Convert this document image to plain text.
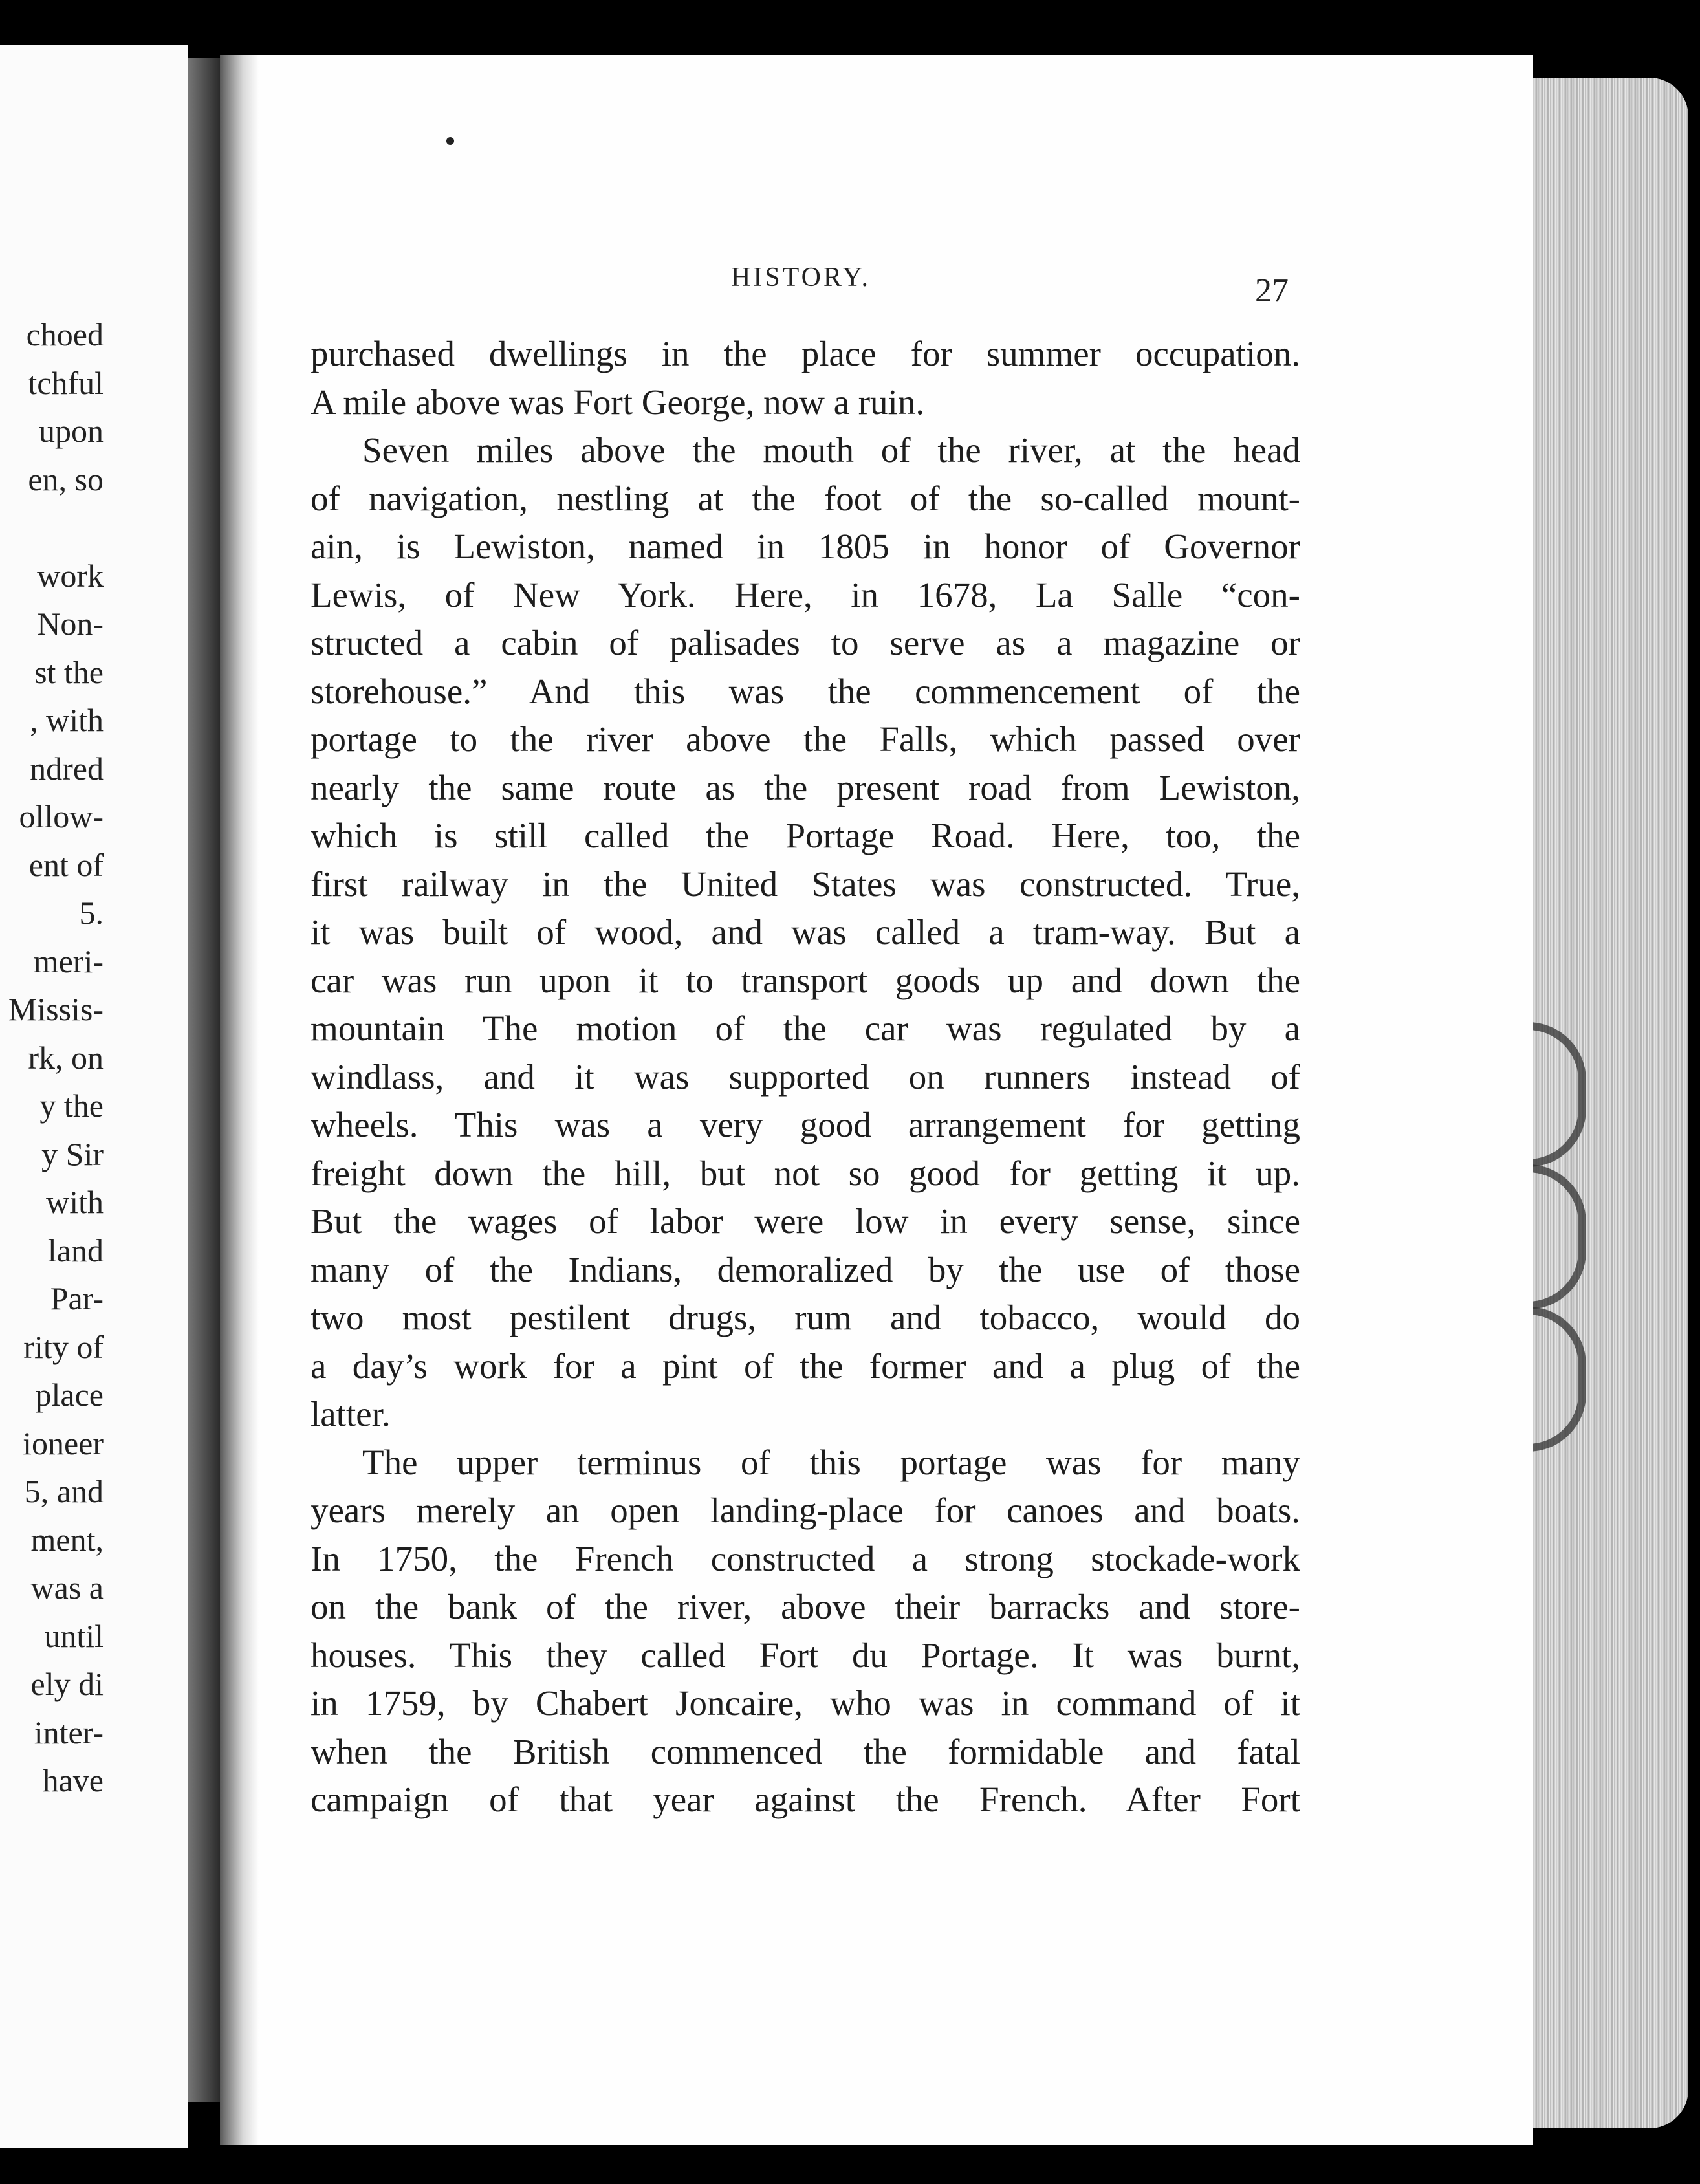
choed
tchful
upon
en, so
work
Non-
st the
, with
ndred
ollow-
ent of
5.
meri-
Missis-
rk, on
y the
y Sir
with
land
Par-
rity of
place
ioneer
5, and
ment,
was a
until
ely di
inter-
have
HISTORY.	27
purchased dwellings in the place for summer occupation.
A mile above was Fort George, now a ruin.
Seven miles above the mouth of the river, at the head
of navigation, nestling at the foot of the so-called mount-
ain, is Lewiston, named in 1805 in honor of Governor
Lewis, of New York. Here, in 1678, La Salle “con-
structed a cabin of palisades to serve as a magazine or
storehouse.” And this was the commencement of the
portage to the river above the Falls, which passed over
nearly the same route as the present road from Lewiston,
which is still called the Portage Road. Here, too, the
first railway in the United States was constructed. True,
it was built of wood, and was called a tram-way. But a
car was run upon it to transport goods up and down the
mountain The motion of the car was regulated by a
windlass, and it was supported on runners instead of
wheels. This was a very good arrangement for getting
freight down the hill, but not so good for getting it up.
But the wages of labor were low in every sense, since
many of the Indians, demoralized by the use of those
two most pestilent drugs, rum and tobacco, would do
a day’s work for a pint of the former and a plug of the
latter.
The upper terminus of this portage was for many
years merely an open landing-place for canoes and boats.
In 1750, the French constructed a strong stockade-work
on the bank of the river, above their barracks and store-
houses. This they called Fort du Portage. It was burnt,
in 1759, by Chabert Joncaire, who was in command of it
when the British commenced the formidable and fatal
campaign of that year against the French. After Fort
